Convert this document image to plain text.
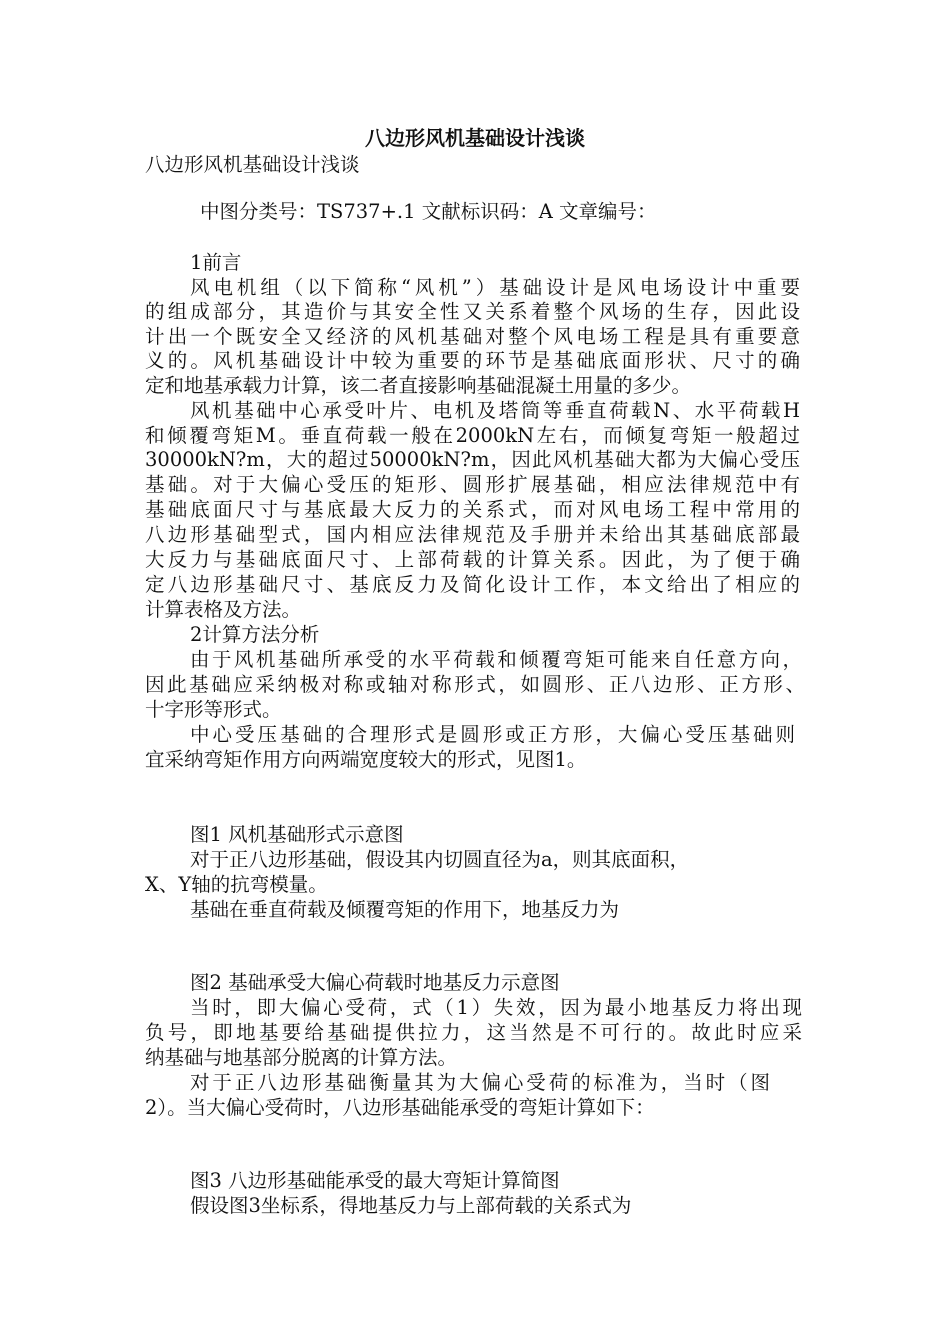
八边形风机基础设计浅谈
八边形风机基础设计浅谈
中图分类号：TS737+.1 文献标识码：A 文章编号：
1前言
风电机组（以下简称“风机”）基础设计是风电场设计中重要
的组成部分，其造价与其安全性又关系着整个风场的生存，因此设
计出一个既安全又经济的风机基础对整个风电场工程是具有重要意
义的。风机基础设计中较为重要的环节是基础底面形状、尺寸的确
定和地基承载力计算，该二者直接影响基础混凝土用量的多少。
风机基础中心承受叶片、电机及塔筒等垂直荷载N、水平荷载H
和倾覆弯矩M。垂直荷载一般在2000kN左右，而倾复弯矩一般超过
30000kN?m，大的超过50000kN?m，因此风机基础大都为大偏心受压
基础。对于大偏心受压的矩形、圆形扩展基础，相应法律规范中有
基础底面尺寸与基底最大反力的关系式，而对风电场工程中常用的
八边形基础型式，国内相应法律规范及手册并未给出其基础底部最
大反力与基础底面尺寸、上部荷载的计算关系。因此，为了便于确
定八边形基础尺寸、基底反力及简化设计工作，本文给出了相应的
计算表格及方法。
2计算方法分析
由于风机基础所承受的水平荷载和倾覆弯矩可能来自任意方向，
因此基础应采纳极对称或轴对称形式，如圆形、正八边形、正方形、
十字形等形式。
中心受压基础的合理形式是圆形或正方形，大偏心受压基础则
宜采纳弯矩作用方向两端宽度较大的形式，见图1。
图1 风机基础形式示意图
对于正八边形基础，假设其内切圆直径为a，则其底面积，
X、Y轴的抗弯模量。
基础在垂直荷载及倾覆弯矩的作用下，地基反力为
图2 基础承受大偏心荷载时地基反力示意图
当时，即大偏心受荷，式（1）失效，因为最小地基反力将出现
负号，即地基要给基础提供拉力，这当然是不可行的。故此时应采
纳基础与地基部分脱离的计算方法。
对于正八边形基础衡量其为大偏心受荷的标准为，当时（图
2）。当大偏心受荷时，八边形基础能承受的弯矩计算如下：
图3 八边形基础能承受的最大弯矩计算简图
假设图3坐标系，得地基反力与上部荷载的关系式为
